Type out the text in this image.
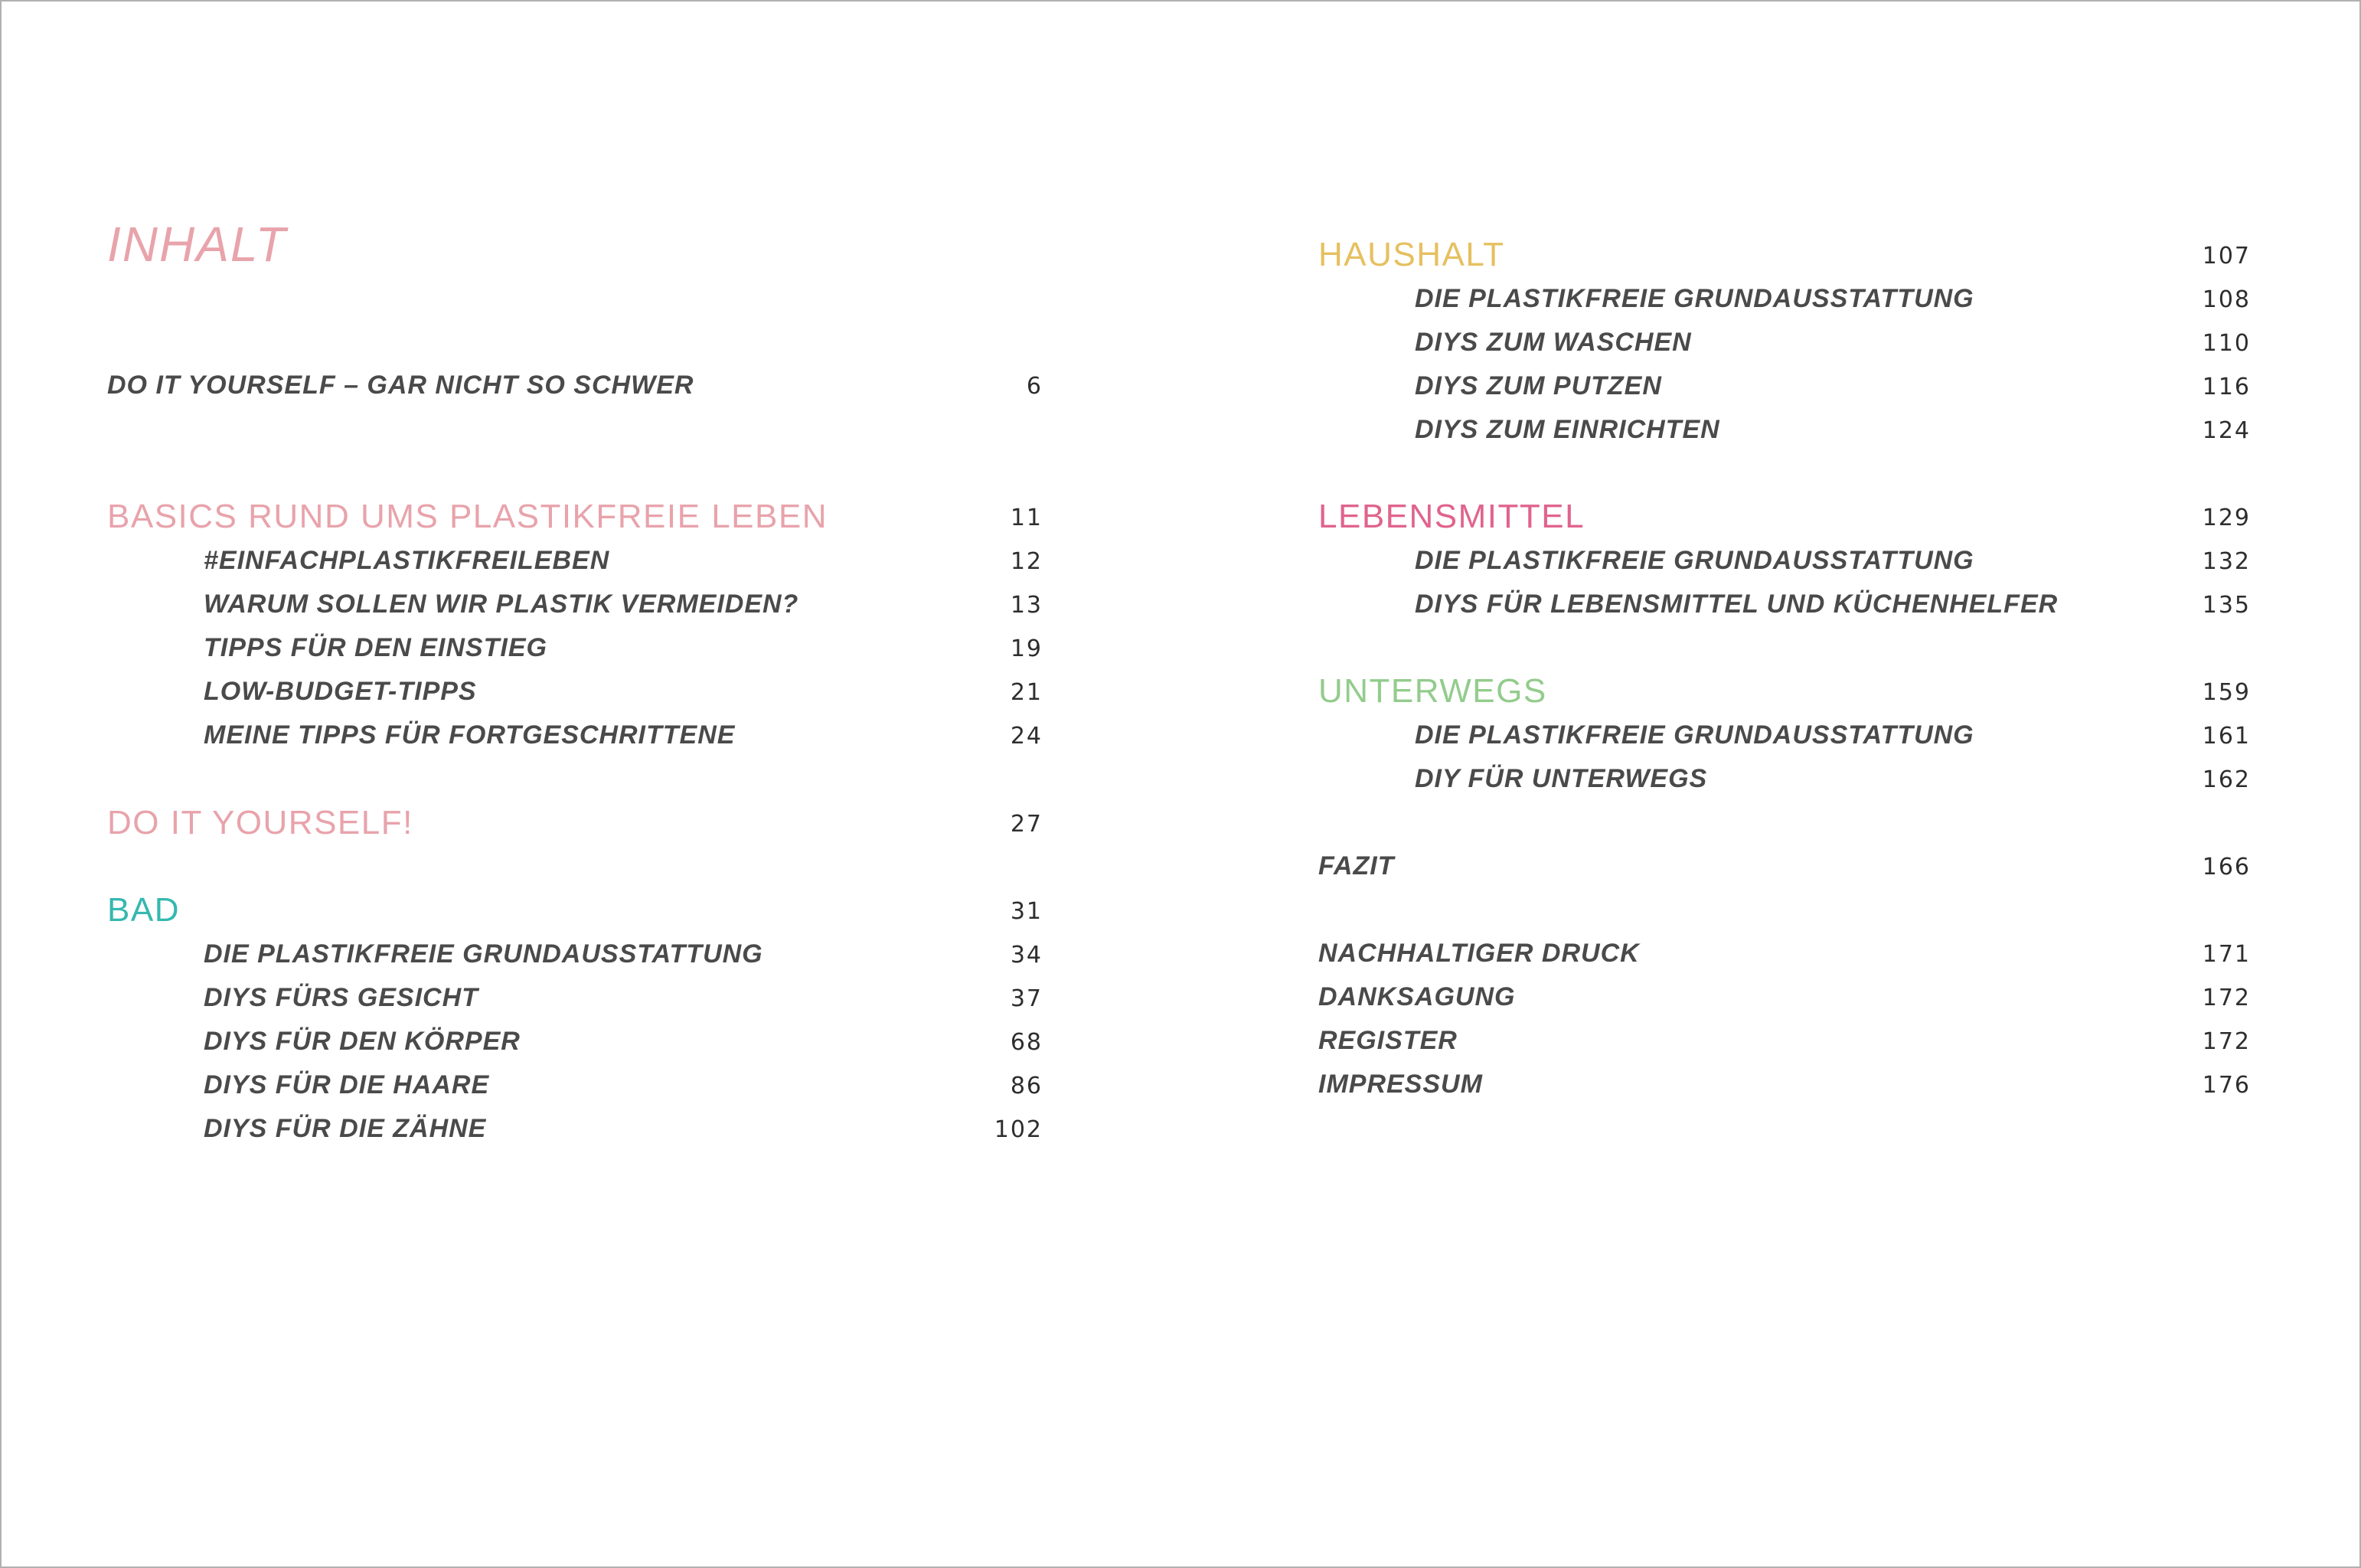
INHALT
DO IT YOURSELF – GAR NICHT SO SCHWER	6
BASICS RUND UMS PLASTIKFREIE LEBEN	11
#EINFACHPLASTIKFREILEBEN	12
WARUM SOLLEN WIR PLASTIK VERMEIDEN?	13
TIPPS FÜR DEN EINSTIEG	19
LOW-BUDGET-TIPPS	21
MEINE TIPPS FÜR FORTGESCHRITTENE	24
DO IT YOURSELF!	27
BAD	31
DIE PLASTIKFREIE GRUNDAUSSTATTUNG	34
DIYS FÜRS GESICHT	37
DIYS FÜR DEN KÖRPER	68
DIYS FÜR DIE HAARE	86
DIYS FÜR DIE ZÄHNE	102
HAUSHALT	107
DIE PLASTIKFREIE GRUNDAUSSTATTUNG	108
DIYS ZUM WASCHEN	110
DIYS ZUM PUTZEN	116
DIYS ZUM EINRICHTEN	124
LEBENSMITTEL	129
DIE PLASTIKFREIE GRUNDAUSSTATTUNG	132
DIYS FÜR LEBENSMITTEL UND KÜCHENHELFER	135
UNTERWEGS	159
DIE PLASTIKFREIE GRUNDAUSSTATTUNG	161
DIY FÜR UNTERWEGS	162
FAZIT	166
NACHHALTIGER DRUCK	171
DANKSAGUNG	172
REGISTER	172
IMPRESSUM	176
